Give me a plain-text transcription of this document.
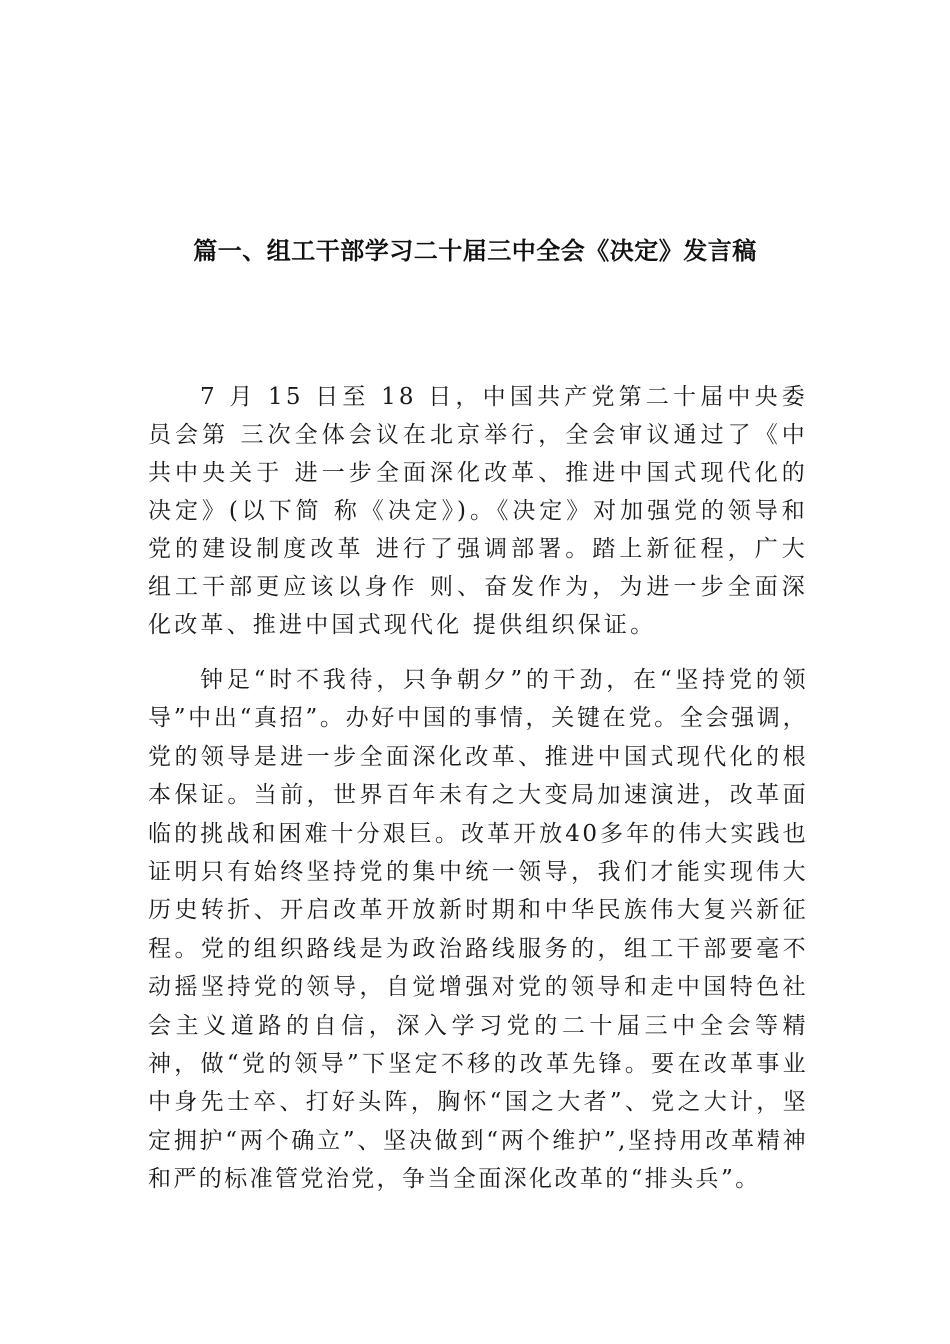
篇一、组工干部学习二十届三中全会《决定》发言稿

7 月 15 日至 18 日，中国共产党第二十届中央委员会第 三次全体会议在北京举行，全会审议通过了《中共中央关于 进一步全面深化改革、推进中国式现代化的决定》(以下简 称《决定》)。《决定》对加强党的领导和党的建设制度改革 进行了强调部署。踏上新征程，广大组工干部更应该以身作 则、奋发作为，为进一步全面深化改革、推进中国式现代化 提供组织保证。

钟足“时不我待，只争朝夕”的干劲，在“坚持党的领导”中出“真招”。办好中国的事情，关键在党。全会强调，党的领导是进一步全面深化改革、推进中国式现代化的根本保证。当前，世界百年未有之大变局加速演进，改革面临的挑战和困难十分艰巨。改革开放40多年的伟大实践也证明只有始终坚持党的集中统一领导，我们才能实现伟大历史转折、开启改革开放新时期和中华民族伟大复兴新征程。党的组织路线是为政治路线服务的，组工干部要毫不动摇坚持党的领导，自觉增强对党的领导和走中国特色社会主义道路的自信，深入学习党的二十届三中全会等精神，做“党的领导”下坚定不移的改革先锋。要在改革事业中身先士卒、打好头阵，胸怀“国之大者”、党之大计，坚定拥护“两个确立”、坚决做到“两个维护”,坚持用改革精神和严的标准管党治党，争当全面深化改革的“排头兵”。
